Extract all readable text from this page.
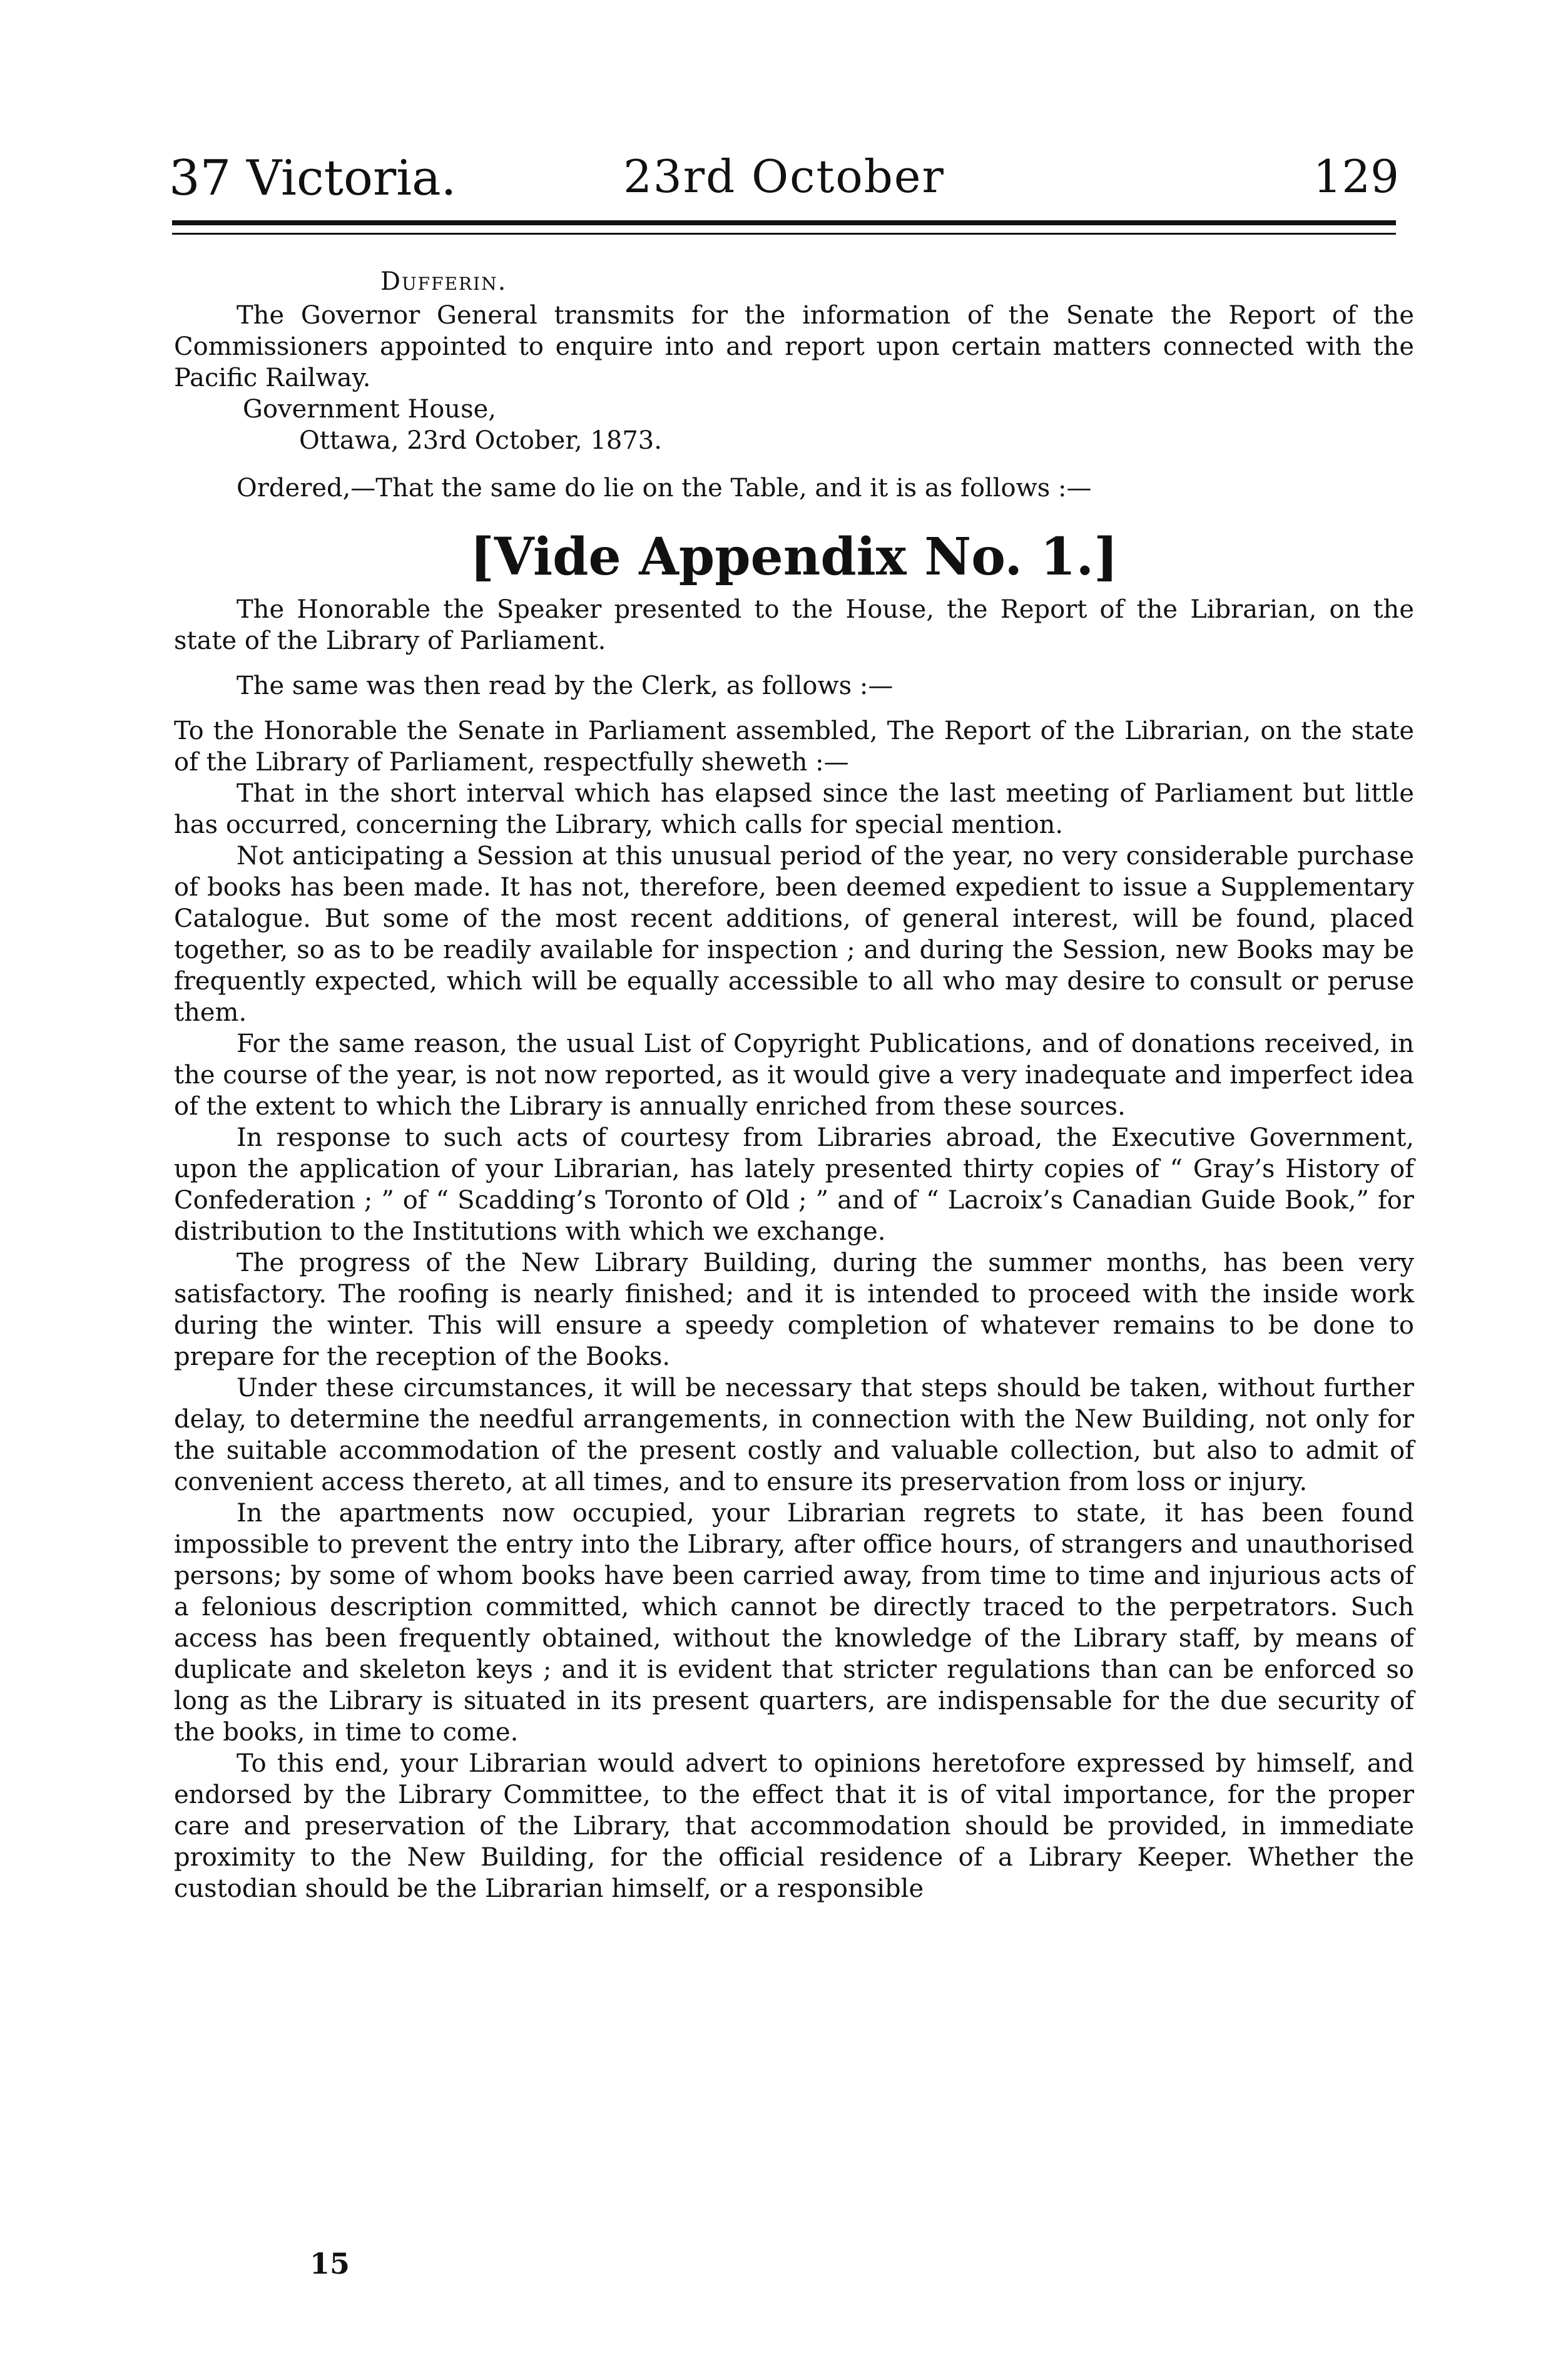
37 Victoria.	23rd October	129

Dufferin.

The Governor General transmits for the information of the Senate the Report of the Commissioners appointed to enquire into and report upon certain matters connected with the Pacific Railway.

Government House,

Ottawa, 23rd October, 1873.

Ordered,—That the same do lie on the Table, and it is as follows :—

[Vide Appendix No. 1.]

The Honorable the Speaker presented to the House, the Report of the Librarian, on the state of the Library of Parliament.

The same was then read by the Clerk, as follows :—

To the Honorable the Senate in Parliament assembled, The Report of the Librarian, on the state of the Library of Parliament, respectfully sheweth :—

That in the short interval which has elapsed since the last meeting of Parliament but little has occurred, concerning the Library, which calls for special mention.

Not anticipating a Session at this unusual period of the year, no very considerable purchase of books has been made. It has not, therefore, been deemed expedient to issue a Supplementary Catalogue. But some of the most recent additions, of general interest, will be found, placed together, so as to be readily available for inspection ; and during the Session, new Books may be frequently expected, which will be equally accessible to all who may desire to consult or peruse them.

For the same reason, the usual List of Copyright Publications, and of donations received, in the course of the year, is not now reported, as it would give a very inadequate and imperfect idea of the extent to which the Library is annually enriched from these sources.

In response to such acts of courtesy from Libraries abroad, the Executive Government, upon the application of your Librarian, has lately presented thirty copies of “ Gray’s History of Confederation ; ” of “ Scadding’s Toronto of Old ; ” and of “ Lacroix’s Canadian Guide Book,” for distribution to the Institutions with which we exchange.

The progress of the New Library Building, during the summer months, has been very satisfactory. The roofing is nearly finished; and it is intended to proceed with the inside work during the winter. This will ensure a speedy completion of whatever remains to be done to prepare for the reception of the Books.

Under these circumstances, it will be necessary that steps should be taken, without further delay, to determine the needful arrangements, in connection with the New Building, not only for the suitable accommodation of the present costly and valuable collection, but also to admit of convenient access thereto, at all times, and to ensure its preservation from loss or injury.

In the apartments now occupied, your Librarian regrets to state, it has been found impossible to prevent the entry into the Library, after office hours, of strangers and unauthorised persons; by some of whom books have been carried away, from time to time and injurious acts of a felonious description committed, which cannot be directly traced to the perpetrators. Such access has been frequently obtained, without the knowledge of the Library staff, by means of duplicate and skeleton keys ; and it is evident that stricter regulations than can be enforced so long as the Library is situated in its present quarters, are indispensable for the due security of the books, in time to come.

To this end, your Librarian would advert to opinions heretofore expressed by himself, and endorsed by the Library Committee, to the effect that it is of vital importance, for the proper care and preservation of the Library, that accommodation should be provided, in immediate proximity to the New Building, for the official residence of a Library Keeper. Whether the custodian should be the Librarian himself, or a responsible

15
